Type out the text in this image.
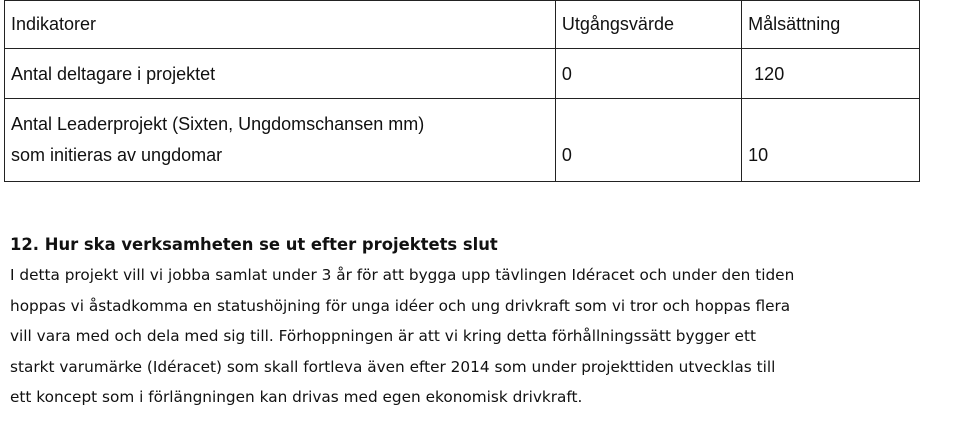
Indikatorer	Utgångsvärde	Målsättning

Antal deltagare i projektet	0	120

Antal Leaderprojekt (Sixten, Ungdomschansen mm)
som initieras av ungdomar	0	10
12. Hur ska verksamheten se ut efter projektets slut

I detta projekt vill vi jobba samlat under 3 år för att bygga upp tävlingen Idéracet och under den tiden
hoppas vi åstadkomma en statushöjning för unga idéer och ung drivkraft som vi tror och hoppas flera
vill vara med och dela med sig till. Förhoppningen är att vi kring detta förhållningssätt bygger ett
starkt varumärke (Idéracet) som skall fortleva även efter 2014 som under projekttiden utvecklas till
ett koncept som i förlängningen kan drivas med egen ekonomisk drivkraft.
